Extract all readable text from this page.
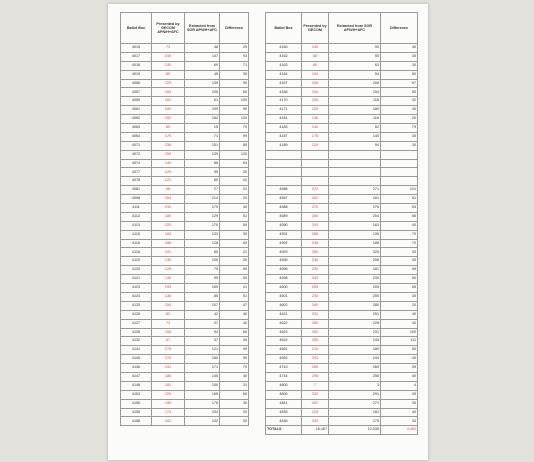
Ballot Box	Presented by GECOM APN/H+AFC	Extracted from SOR APN/H+AFC	Difference
4015	73	48	25
4017	240	147	93
4018	130	69	71
4019	80	45	35
4056	229	139	90
4057	165	105	60
4059	161	61	100
4061	180	199	90
4062	252	182	120
4063	80	15	70
4064	170	71	99
4071	236	151	85
4072	259	139	120
4074	140	86	54
4077	129	99	30
4078	122	80	42
4081	58	27	31
4098	204	214	20
4111	210	170	40
4112	180	129	51
4113	220	170	50
4115	163	133	30
4116	188	128	50
4118	101	80	21
4119	136	106	30
4120	125	75	50
4121	149	99	50
4123	193	150	41
4124	136	85	51
4125	154	107	47
4126	82	42	40
4127	73	37	40
4128	154	94	60
4132	67	37	40
4141	170	121	49
4145	270	180	90
4146	241	171	70
4147	185	145	40
4148	181	150	31
4153	229	165	60
4155	196	176	30
4156	174	154	20
4158	162	132	30
Ballot Box	Presented by GECOM	Extracted from SOR APN/H+AFC	Difference
4160	130	90	40
4162	85	55	30
4163	80	63	30
4164	104	54	50
4167	265	208	57
4168	104	154	50
4170	150	118	32
4171	220	180	40
4181	136	116	20
4183	142	62	79
4187	175	145	30
4189	124	94	30

4586	372	271	101
4587	262	181	81
4588	270	276	54
4589	260	204	56
4590	203	163	40
4591	265	135	70
4592	238	188	70
4593	350	325	30
4595	238	208	30
4596	230	181	49
4598	340	239	50
4600	259	205	55
4601	230	200	30
4602	300	280	20
4621	291	251	40
4622	260	228	40
4623	281	231	100
4624	355	244	111
4651	210	180	50
4652	293	244	40
4743	260	269	39
4744	298	258	40
4800	7	3	4
4806	329	291	39
4811	302	271	30
4835	225	181	40
4836	203	175	33
TOTALS	16,457	12,035	4,492
